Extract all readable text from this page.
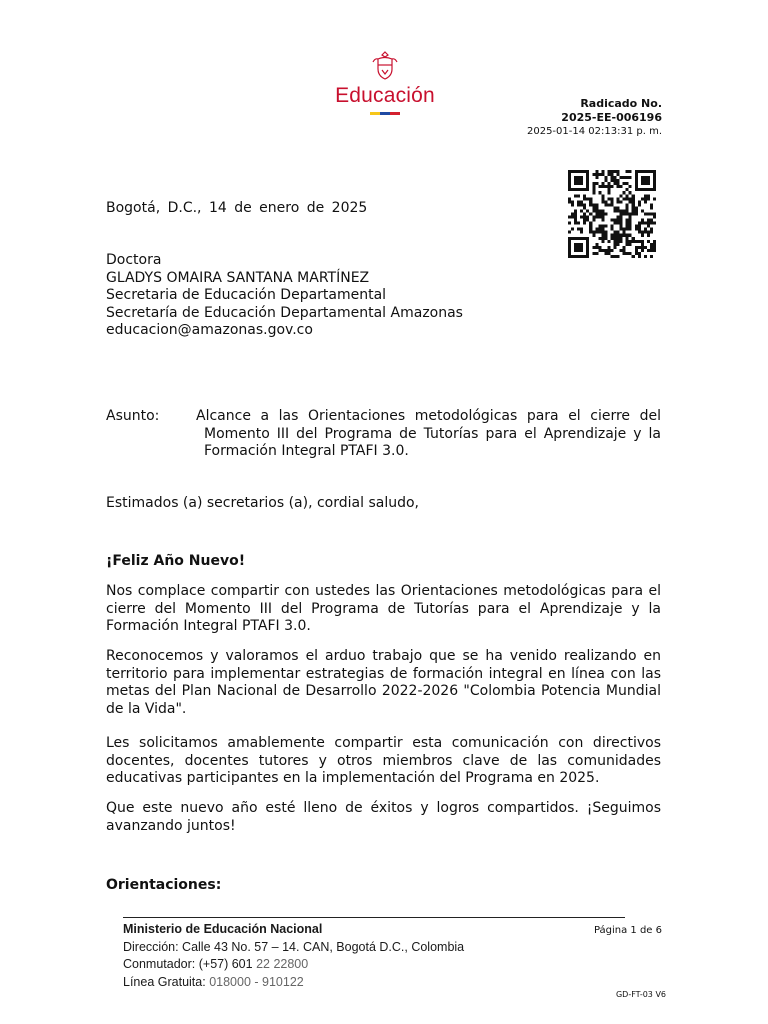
Educación	Radicado No.
2025-EE-006196
2025-01-14 02:13:31 p. m.
Bogotá, D.C., 14 de enero de 2025
Doctora
GLADYS OMAIRA SANTANA MARTÍNEZ
Secretaria de Educación Departamental
Secretaría de Educación Departamental Amazonas
educacion@amazonas.gov.co
Asunto:	Alcance a las Orientaciones metodológicas para el cierre del
Momento III del Programa de Tutorías para el Aprendizaje y la
Formación Integral PTAFI 3.0.
Estimados (a) secretarios (a), cordial saludo,
¡Feliz Año Nuevo!
Nos complace compartir con ustedes las Orientaciones metodológicas para el cierre del Momento III del Programa de Tutorías para el Aprendizaje y la Formación Integral PTAFI 3.0.
Reconocemos y valoramos el arduo trabajo que se ha venido realizando en territorio para implementar estrategias de formación integral en línea con las metas del Plan Nacional de Desarrollo 2022-2026 "Colombia Potencia Mundial de la Vida".
Les solicitamos amablemente compartir esta comunicación con directivos docentes, docentes tutores y otros miembros clave de las comunidades educativas participantes en la implementación del Programa en 2025.
Que este nuevo año esté lleno de éxitos y logros compartidos. ¡Seguimos avanzando juntos!
Orientaciones:
Ministerio de Educación Nacional
Dirección: Calle 43 No. 57 – 14. CAN, Bogotá D.C., Colombia
Conmutador: (+57) 601 22 22800
Línea Gratuita: 018000 - 910122
Página 1 de 6
GD-FT-03 V6
